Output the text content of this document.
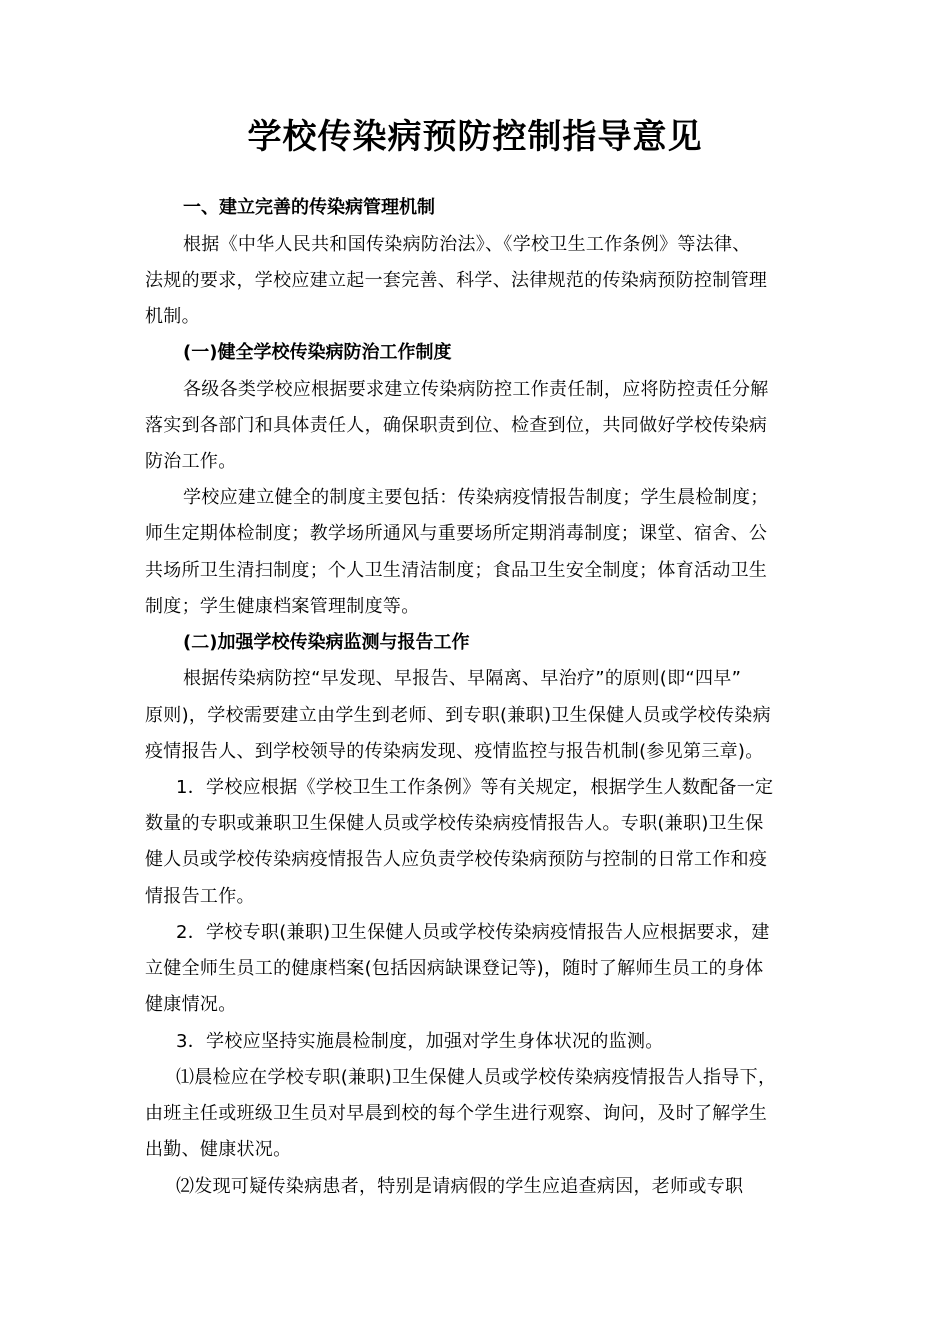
学校传染病预防控制指导意见
一、建立完善的传染病管理机制
根据《中华人民共和国传染病防治法》、《学校卫生工作条例》等法律、
法规的要求，学校应建立起一套完善、科学、法律规范的传染病预防控制管理
机制。
(一)健全学校传染病防治工作制度
各级各类学校应根据要求建立传染病防控工作责任制，应将防控责任分解
落实到各部门和具体责任人，确保职责到位、检查到位，共同做好学校传染病
防治工作。
学校应建立健全的制度主要包括：传染病疫情报告制度；学生晨检制度；
师生定期体检制度；教学场所通风与重要场所定期消毒制度；课堂、宿舍、公
共场所卫生清扫制度；个人卫生清洁制度；食品卫生安全制度；体育活动卫生
制度；学生健康档案管理制度等。
(二)加强学校传染病监测与报告工作
根据传染病防控“早发现、早报告、早隔离、早治疗”的原则(即“四早”
原则)，学校需要建立由学生到老师、到专职(兼职)卫生保健人员或学校传染病
疫情报告人、到学校领导的传染病发现、疫情监控与报告机制(参见第三章)。
1．学校应根据《学校卫生工作条例》等有关规定，根据学生人数配备一定
数量的专职或兼职卫生保健人员或学校传染病疫情报告人。专职(兼职)卫生保
健人员或学校传染病疫情报告人应负责学校传染病预防与控制的日常工作和疫
情报告工作。
2．学校专职(兼职)卫生保健人员或学校传染病疫情报告人应根据要求，建
立健全师生员工的健康档案(包括因病缺课登记等)，随时了解师生员工的身体
健康情况。
3．学校应坚持实施晨检制度，加强对学生身体状况的监测。
⑴晨检应在学校专职(兼职)卫生保健人员或学校传染病疫情报告人指导下，
由班主任或班级卫生员对早晨到校的每个学生进行观察、询问，及时了解学生
出勤、健康状况。
⑵发现可疑传染病患者，特别是请病假的学生应追查病因，老师或专职
